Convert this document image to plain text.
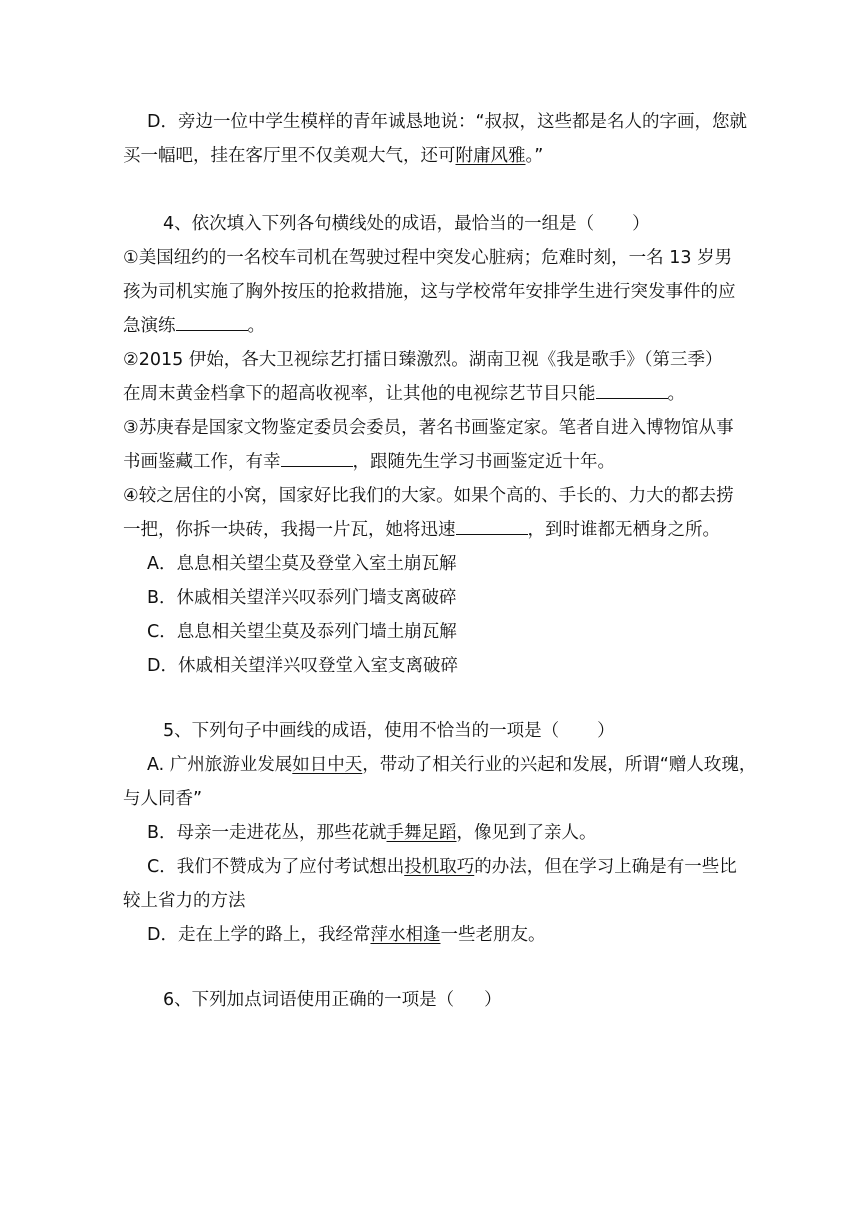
D．旁边一位中学生模样的青年诚恳地说：“叔叔，这些都是名人的字画，您就
买一幅吧，挂在客厅里不仅美观大气，还可附庸风雅。”
4、依次填入下列各句横线处的成语，最恰当的一组是（ ）
①美国纽约的一名校车司机在驾驶过程中突发心脏病；危难时刻，一名 13 岁男
孩为司机实施了胸外按压的抢救措施，这与学校常年安排学生进行突发事件的应
急演练	。
②2015 伊始，各大卫视综艺打擂日臻激烈。湖南卫视《我是歌手》（第三季）
在周末黄金档拿下的超高收视率，让其他的电视综艺节目只能	。
③苏庚春是国家文物鉴定委员会委员，著名书画鉴定家。笔者自进入博物馆从事
书画鉴藏工作，有幸	，跟随先生学习书画鉴定近十年。
④较之居住的小窝，国家好比我们的大家。如果个高的、手长的、力大的都去捞
一把，你拆一块砖，我揭一片瓦，她将迅速	，到时谁都无栖身之所。
A．息息相关望尘莫及登堂入室土崩瓦解
B．休戚相关望洋兴叹忝列门墙支离破碎
C．息息相关望尘莫及忝列门墙土崩瓦解
D．休戚相关望洋兴叹登堂入室支离破碎
5、下列句子中画线的成语，使用不恰当的一项是（ ）
A. 广州旅游业发展如日中天，带动了相关行业的兴起和发展，所谓“赠人玫瑰，
与人同香”
B．母亲一走进花丛，那些花就手舞足蹈，像见到了亲人。
C．我们不赞成为了应付考试想出投机取巧的办法，但在学习上确是有一些比
较上省力的方法
D．走在上学的路上，我经常萍水相逢一些老朋友。
6、下列加点词语使用正确的一项是（ ）
